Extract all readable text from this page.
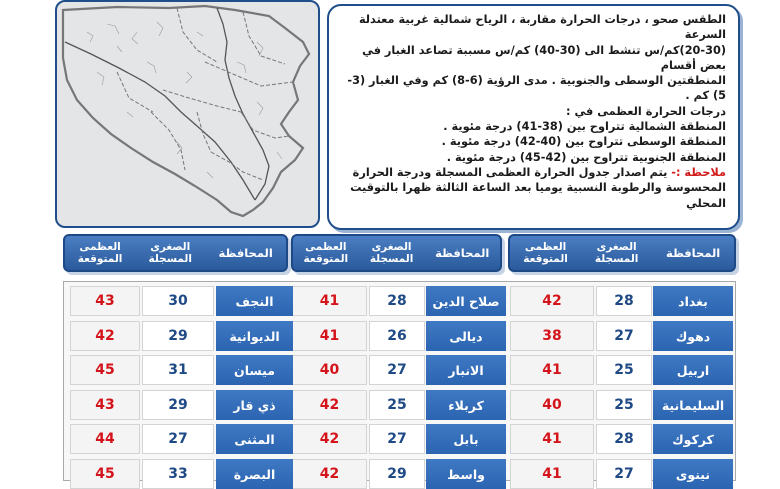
الطقس صحو ، درجات الحرارة مقاربة ، الرياح شمالية غربية معتدلة السرعة

(20-30)كم/س تنشط الى (30-40) كم/س مسببة تصاعد الغبار في بعض أقسام

المنطقتين الوسطى والجنوبية . مدى الرؤية (6-8) كم وفي الغبار (3-5) كم .

درجات الحرارة العظمى في :

المنطقة الشمالية تتراوح بين (38-41) درجة مئوية .

المنطقة الوسطى تتراوح بين (40-42) درجة مئوية .

المنطقة الجنوبية تتراوح بين (42-45) درجة مئوية .

ملاحظة :- يتم اصدار جدول الحرارة العظمى المسجلة ودرجة الحرارة المحسوسة والرطوبة النسبية يوميا بعد الساعة الثالثة ظهرا بالتوقيت المحلي

المحافظة
الصغرى المسجلة
العظمى المتوقعة
المحافظة
الصغرى المسجلة
العظمى المتوقعة
المحافظة
الصغرى المسجلة
العظمى المتوقعة
بغداد
28
42
دهوك
27
38
اربيل
25
41
السليمانية
25
40
كركوك
28
41
نينوى
27
41
صلاح الدين
28
41
ديالى
26
41
الانبار
27
40
كربلاء
25
42
بابل
27
42
واسط
29
42
النجف
30
43
الديوانية
29
42
ميسان
31
45
ذي قار
29
43
المثنى
27
44
البصرة
33
45
